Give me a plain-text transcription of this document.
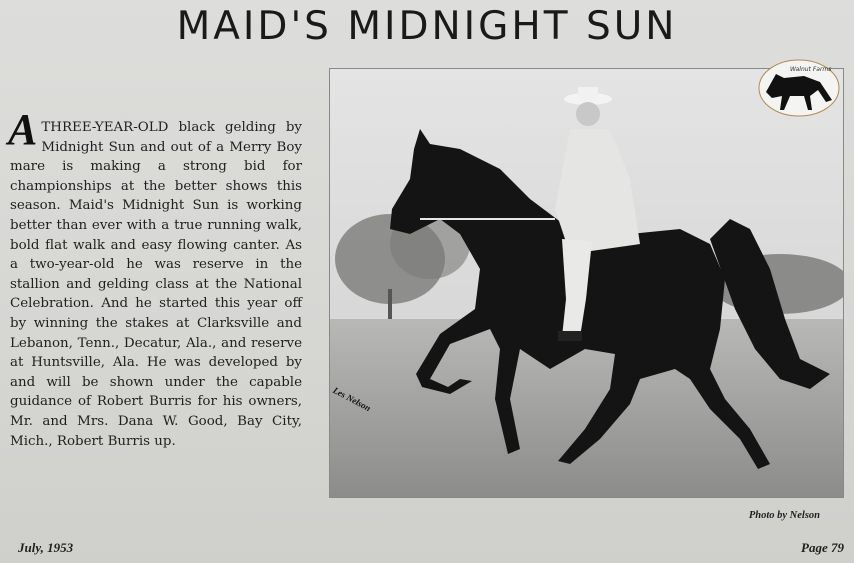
MAID'S MIDNIGHT SUN
A THREE-YEAR-OLD black gelding by Midnight Sun and out of a Merry Boy mare is making a strong bid for championships at the better shows this season. Maid's Midnight Sun is working better than ever with a true running walk, bold flat walk and easy flowing canter. As a two-year-old he was reserve in the stallion and gelding class at the National Celebration. And he started this year off by winning the stakes at Clarksville and Lebanon, Tenn., Decatur, Ala., and reserve at Huntsville, Ala. He was developed by and will be shown under the capable guidance of Robert Burris for his owners, Mr. and Mrs. Dana W. Good, Bay City, Mich., Robert Burris up.
Walnut Farms
Les Nelson
Photo by Nelson
July, 1953	Page 79
